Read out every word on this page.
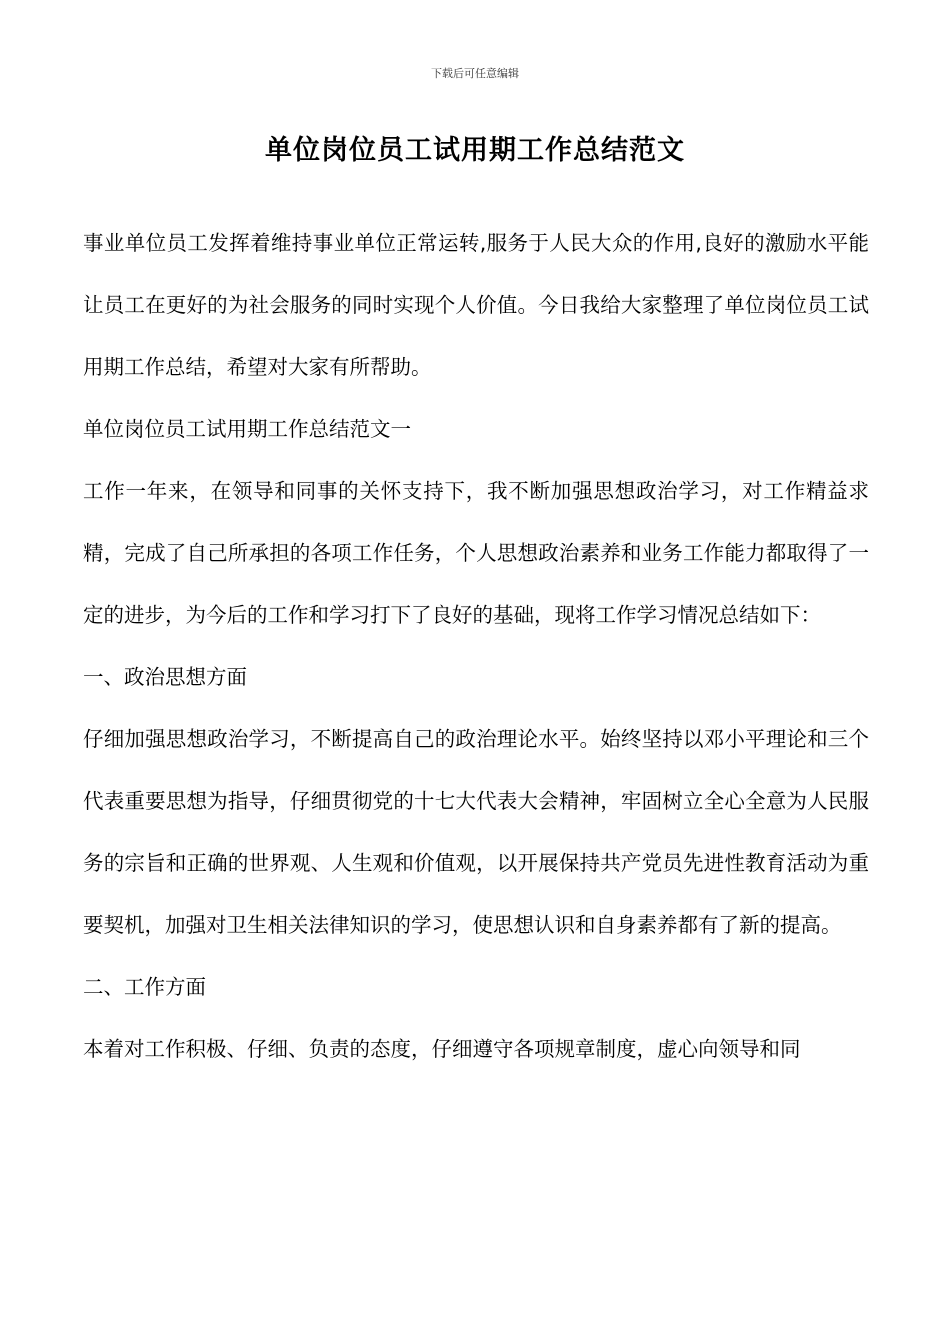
下载后可任意编辑
单位岗位员工试用期工作总结范文

事业单位员工发挥着维持事业单位正常运转,服务于人民大众的作用,良好的激励水平能让员工在更好的为社会服务的同时实现个人价值。今日我给大家整理了单位岗位员工试用期工作总结，希望对大家有所帮助。

单位岗位员工试用期工作总结范文一

工作一年来，在领导和同事的关怀支持下，我不断加强思想政治学习，对工作精益求精，完成了自己所承担的各项工作任务，个人思想政治素养和业务工作能力都取得了一定的进步，为今后的工作和学习打下了良好的基础，现将工作学习情况总结如下：

一、政治思想方面

仔细加强思想政治学习，不断提高自己的政治理论水平。始终坚持以邓小平理论和三个代表重要思想为指导，仔细贯彻党的十七大代表大会精神，牢固树立全心全意为人民服务的宗旨和正确的世界观、人生观和价值观，以开展保持共产党员先进性教育活动为重要契机，加强对卫生相关法律知识的学习，使思想认识和自身素养都有了新的提高。

二、工作方面

本着对工作积极、仔细、负责的态度，仔细遵守各项规章制度，虚心向领导和同
